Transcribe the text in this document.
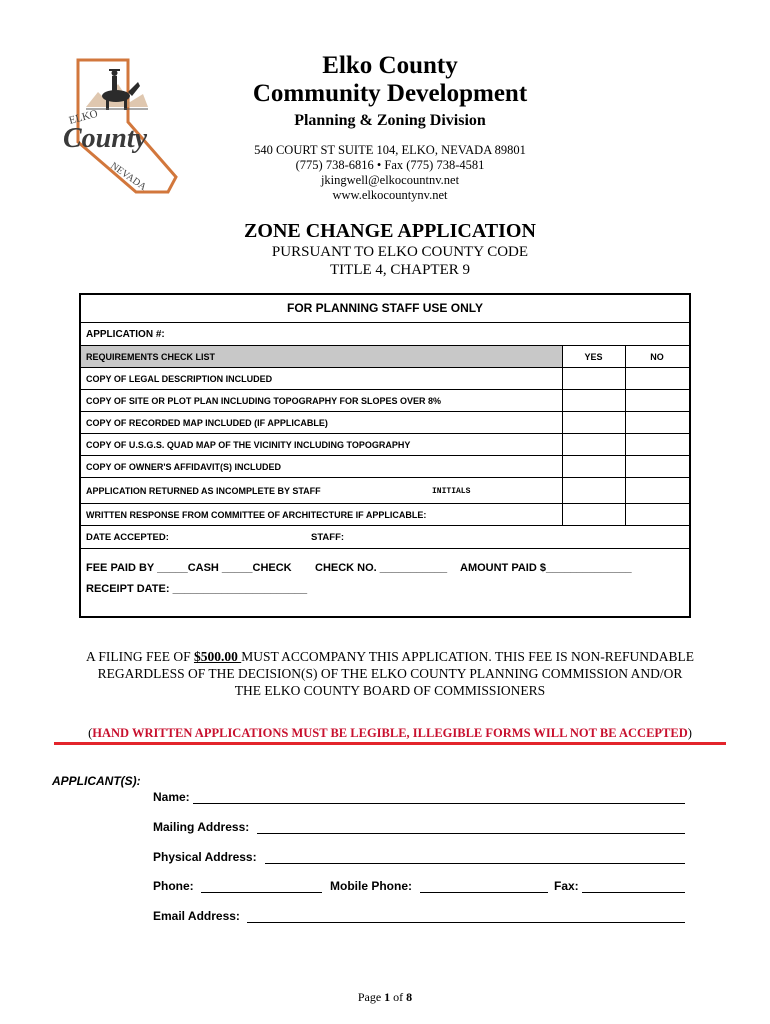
ELKO
County
NEVADA
Elko County
Community Development
Planning & Zoning Division
540 COURT ST SUITE 104, ELKO, NEVADA 89801
(775) 738-6816 • Fax (775) 738-4581
jkingwell@elkocountnv.net
www.elkocountynv.net
ZONE CHANGE APPLICATION
PURSUANT TO ELKO COUNTY CODE
TITLE 4, CHAPTER 9
FOR PLANNING STAFF USE ONLY
APPLICATION #:
REQUIREMENTS CHECK LIST	YES	NO
COPY OF LEGAL DESCRIPTION INCLUDED
COPY OF SITE OR PLOT PLAN INCLUDING TOPOGRAPHY FOR SLOPES OVER 8%
COPY OF RECORDED MAP INCLUDED (IF APPLICABLE)
COPY OF U.S.G.S. QUAD MAP OF THE VICINITY INCLUDING TOPOGRAPHY
COPY OF OWNER'S AFFIDAVIT(S) INCLUDED
APPLICATION RETURNED AS INCOMPLETE BY STAFF	INITIALS
WRITTEN RESPONSE FROM COMMITTEE OF ARCHITECTURE IF APPLICABLE:
DATE ACCEPTED:	STAFF:
FEE PAID BY _____CASH _____CHECK CHECK NO. ___________ AMOUNT PAID $______________
RECEIPT DATE: ______________________
A FILING FEE OF $500.00 MUST ACCOMPANY THIS APPLICATION. THIS FEE IS NON-REFUNDABLE
REGARDLESS OF THE DECISION(S) OF THE ELKO COUNTY PLANNING COMMISSION AND/OR
THE ELKO COUNTY BOARD OF COMMISSIONERS
(HAND WRITTEN APPLICATIONS MUST BE LEGIBLE, ILLEGIBLE FORMS WILL NOT BE ACCEPTED)
APPLICANT(S):
Name:
Mailing Address:
Physical Address:
Phone:	Mobile Phone:	Fax:
Email Address:
Page 1 of 8
